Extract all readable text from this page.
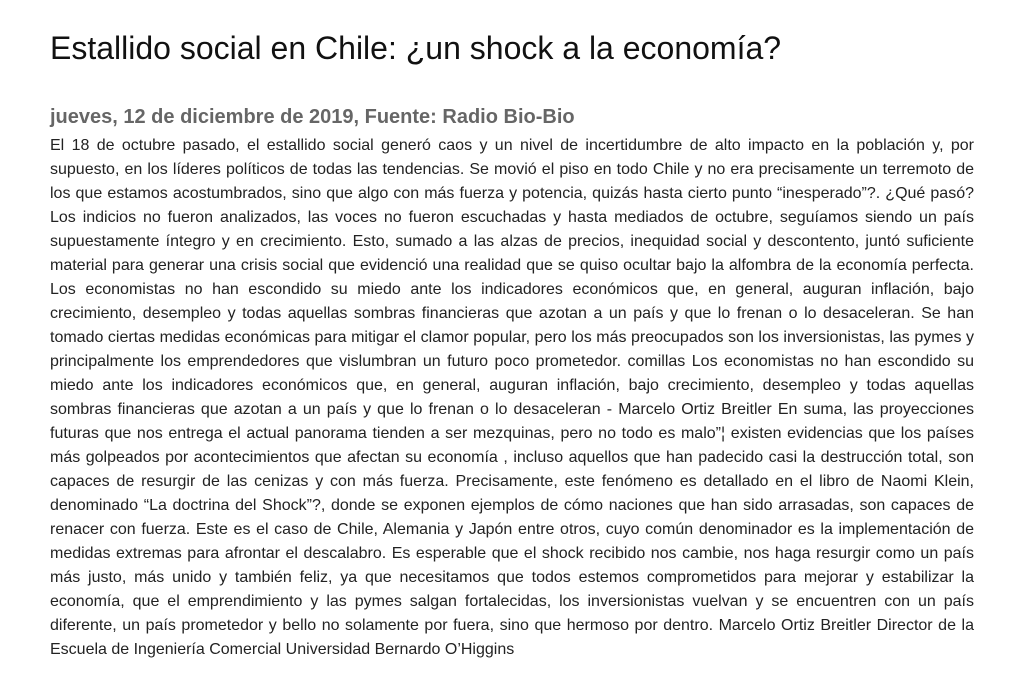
Estallido social en Chile: ¿un shock a la economía?

jueves, 12 de diciembre de 2019, Fuente: Radio Bio-Bio

El 18 de octubre pasado, el estallido social generó caos y un nivel de incertidumbre de alto impacto en la población y, por supuesto, en los líderes políticos de todas las tendencias. Se movió el piso en todo Chile y no era precisamente un terremoto de los que estamos acostumbrados, sino que algo con más fuerza y potencia, quizás hasta cierto punto “inesperado”?. ¿Qué pasó? Los indicios no fueron analizados, las voces no fueron escuchadas y hasta mediados de octubre, seguíamos siendo un país supuestamente íntegro y en crecimiento. Esto, sumado a las alzas de precios, inequidad social y descontento, juntó suficiente material para generar una crisis social que evidenció una realidad que se quiso ocultar bajo la alfombra de la economía perfecta. Los economistas no han escondido su miedo ante los indicadores económicos que, en general, auguran inflación, bajo crecimiento, desempleo y todas aquellas sombras financieras que azotan a un país y que lo frenan o lo desaceleran. Se han tomado ciertas medidas económicas para mitigar el clamor popular, pero los más preocupados son los inversionistas, las pymes y principalmente los emprendedores que vislumbran un futuro poco prometedor. comillas Los economistas no han escondido su miedo ante los indicadores económicos que, en general, auguran inflación, bajo crecimiento, desempleo y todas aquellas sombras financieras que azotan a un país y que lo frenan o lo desaceleran - Marcelo Ortiz Breitler En suma, las proyecciones futuras que nos entrega el actual panorama tienden a ser mezquinas, pero no todo es malo”¦ existen evidencias que los países más golpeados por acontecimientos que afectan su economía , incluso aquellos que han padecido casi la destrucción total, son capaces de resurgir de las cenizas y con más fuerza. Precisamente, este fenómeno es detallado en el libro de Naomi Klein, denominado “La doctrina del Shock”?, donde se exponen ejemplos de cómo naciones que han sido arrasadas, son capaces de renacer con fuerza. Este es el caso de Chile, Alemania y Japón entre otros, cuyo común denominador es la implementación de medidas extremas para afrontar el descalabro. Es esperable que el shock recibido nos cambie, nos haga resurgir como un país más justo, más unido y también feliz, ya que necesitamos que todos estemos comprometidos para mejorar y estabilizar la economía, que el emprendimiento y las pymes salgan fortalecidas, los inversionistas vuelvan y se encuentren con un país diferente, un país prometedor y bello no solamente por fuera, sino que hermoso por dentro. Marcelo Ortiz Breitler Director de la Escuela de Ingeniería Comercial Universidad Bernardo O’Higgins
